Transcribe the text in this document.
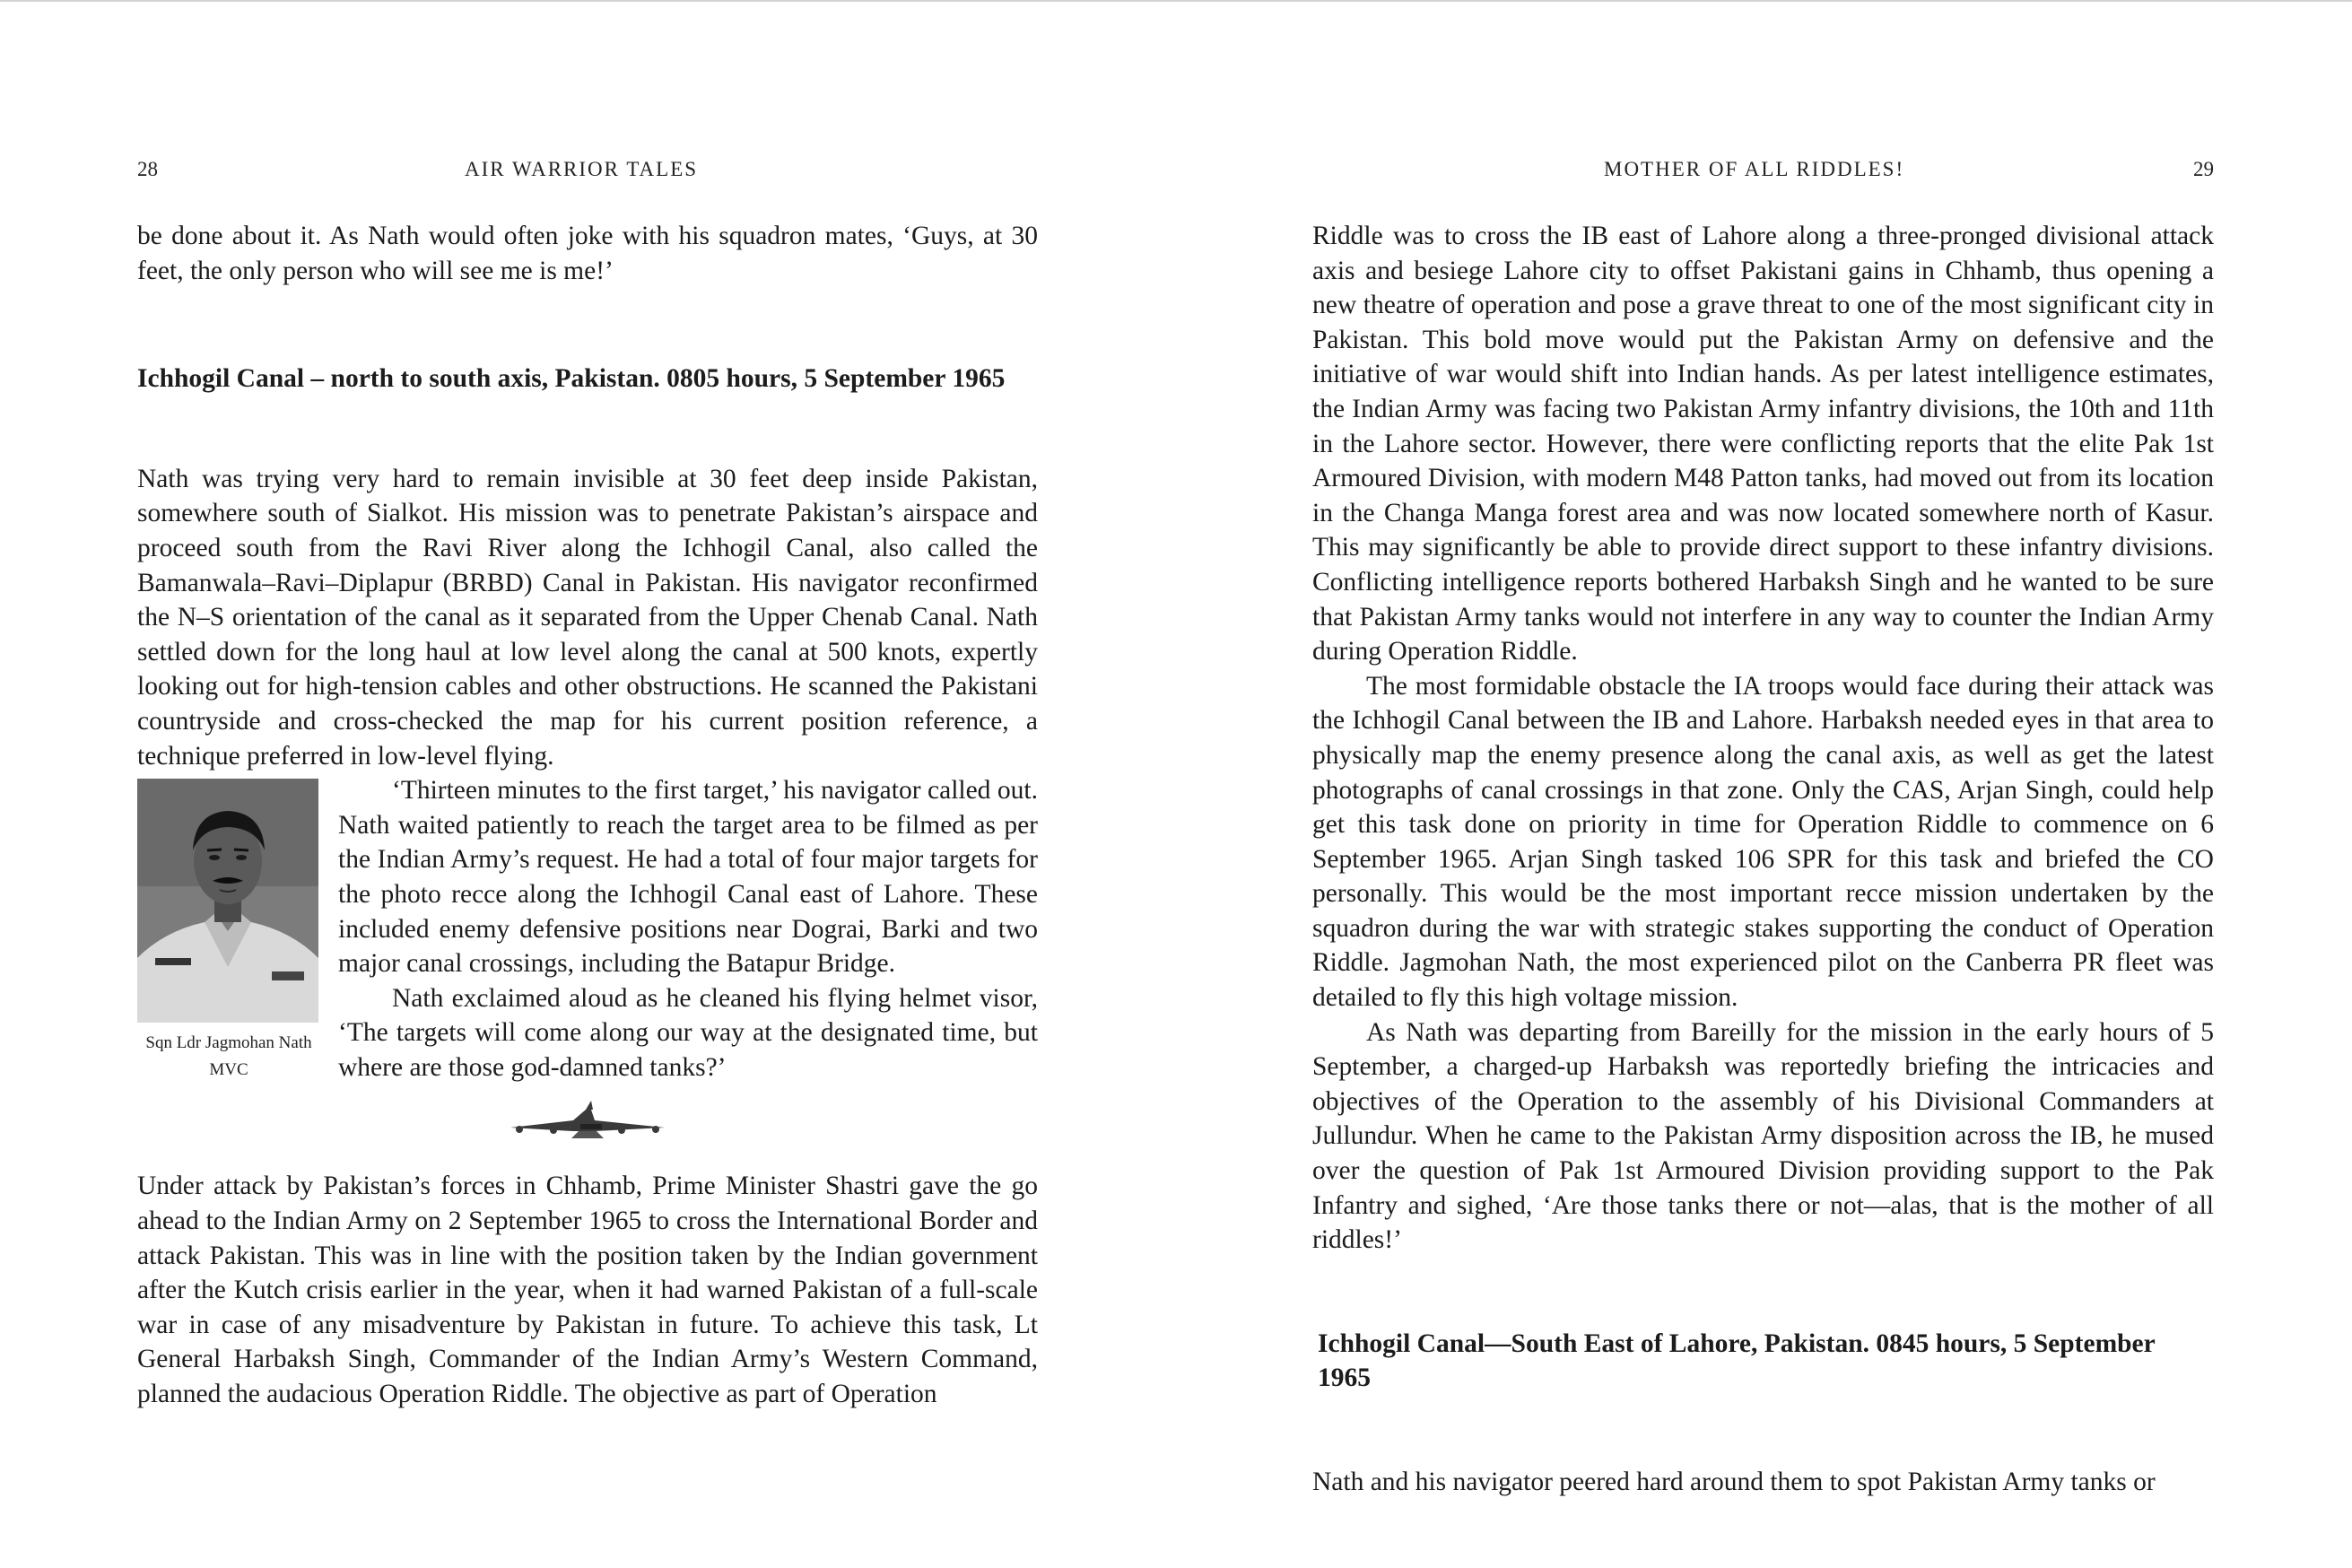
28	AIR WARRIOR TALES

be done about it. As Nath would often joke with his squadron mates, ‘Guys, at 30 feet, the only person who will see me is me!’

Ichhogil Canal – north to south axis, Pakistan. 0805 hours, 5 September 1965

Nath was trying very hard to remain invisible at 30 feet deep inside Pakistan, somewhere south of Sialkot. His mission was to penetrate Pakistan’s airspace and proceed south from the Ravi River along the Ichhogil Canal, also called the Bamanwala–Ravi–Diplapur (BRBD) Canal in Pakistan. His navigator reconfirmed the N–S orientation of the canal as it separated from the Upper Chenab Canal. Nath settled down for the long haul at low level along the canal at 500 knots, expertly looking out for high-tension cables and other obstructions. He scanned the Pakistani countryside and cross-checked the map for his current position reference, a technique preferred in low-level flying.

Sqn Ldr Jagmohan Nath
MVC

‘Thirteen minutes to the first target,’ his navigator called out. Nath waited patiently to reach the target area to be filmed as per the Indian Army’s request. He had a total of four major targets for the photo recce along the Ichhogil Canal east of Lahore. These included enemy defensive positions near Dograi, Barki and two major canal crossings, including the Batapur Bridge.

Nath exclaimed aloud as he cleaned his flying helmet visor, ‘The targets will come along our way at the designated time, but where are those god-damned tanks?’

Under attack by Pakistan’s forces in Chhamb, Prime Minister Shastri gave the go ahead to the Indian Army on 2 September 1965 to cross the International Border and attack Pakistan. This was in line with the position taken by the Indian government after the Kutch crisis earlier in the year, when it had warned Pakistan of a full-scale war in case of any misadventure by Pakistan in future. To achieve this task, Lt General Harbaksh Singh, Commander of the Indian Army’s Western Command, planned the audacious Operation Riddle. The objective as part of Operation

MOTHER OF ALL RIDDLES!	29

Riddle was to cross the IB east of Lahore along a three-pronged divisional attack axis and besiege Lahore city to offset Pakistani gains in Chhamb, thus opening a new theatre of operation and pose a grave threat to one of the most significant city in Pakistan. This bold move would put the Pakistan Army on defensive and the initiative of war would shift into Indian hands. As per latest intelligence estimates, the Indian Army was facing two Pakistan Army infantry divisions, the 10th and 11th in the Lahore sector. However, there were conflicting reports that the elite Pak 1st Armoured Division, with modern M48 Patton tanks, had moved out from its location in the Changa Manga forest area and was now located somewhere north of Kasur. This may significantly be able to provide direct support to these infantry divisions. Conflicting intelligence reports bothered Harbaksh Singh and he wanted to be sure that Pakistan Army tanks would not interfere in any way to counter the Indian Army during Operation Riddle.

The most formidable obstacle the IA troops would face during their attack was the Ichhogil Canal between the IB and Lahore. Harbaksh needed eyes in that area to physically map the enemy presence along the canal axis, as well as get the latest photographs of canal crossings in that zone. Only the CAS, Arjan Singh, could help get this task done on priority in time for Operation Riddle to commence on 6 September 1965. Arjan Singh tasked 106 SPR for this task and briefed the CO personally. This would be the most important recce mission undertaken by the squadron during the war with strategic stakes supporting the conduct of Operation Riddle. Jagmohan Nath, the most experienced pilot on the Canberra PR fleet was detailed to fly this high voltage mission.

As Nath was departing from Bareilly for the mission in the early hours of 5 September, a charged-up Harbaksh was reportedly briefing the intricacies and objectives of the Operation to the assembly of his Divisional Commanders at Jullundur. When he came to the Pakistan Army disposition across the IB, he mused over the question of Pak 1st Armoured Division providing support to the Pak Infantry and sighed, ‘Are those tanks there or not—alas, that is the mother of all riddles!’

Ichhogil Canal—South East of Lahore, Pakistan. 0845 hours, 5 September 1965

Nath and his navigator peered hard around them to spot Pakistan Army tanks or
